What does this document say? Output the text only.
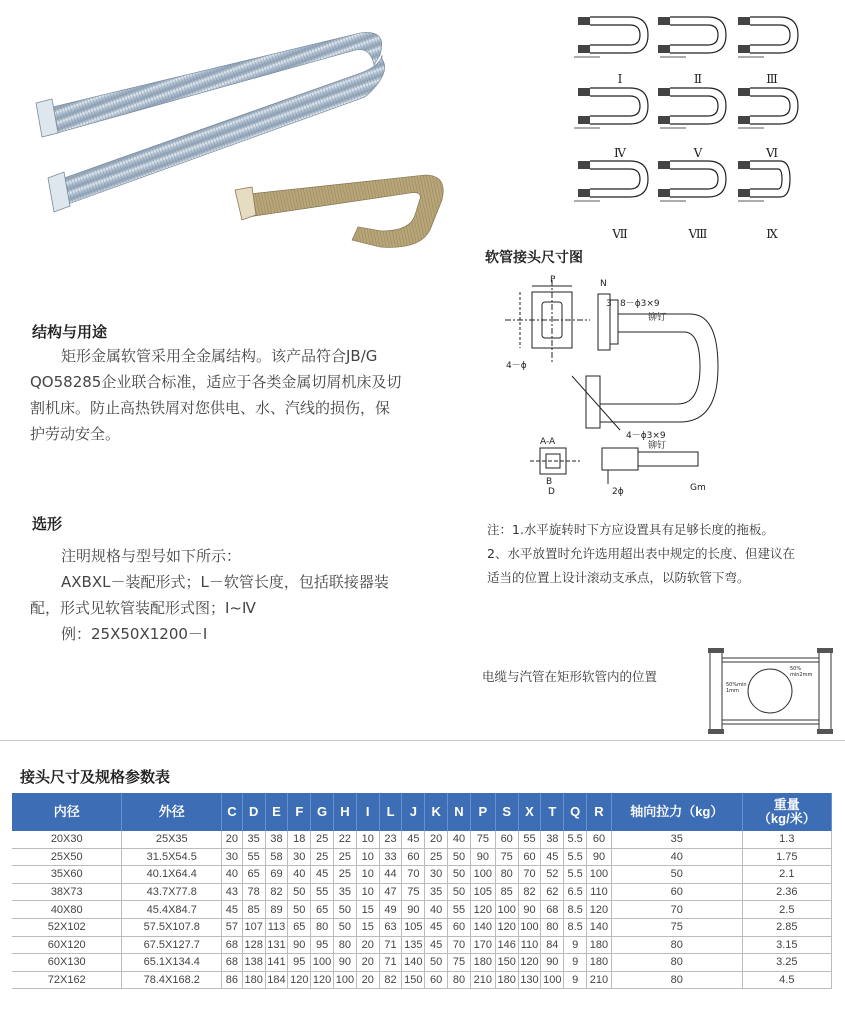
Ⅰ	Ⅱ	Ⅲ
Ⅳ	Ⅴ	Ⅵ
Ⅶ	Ⅷ	Ⅸ
软管接头尺寸图
P	N
3 8－ϕ3×9
铆钉
4－ϕ
4－ϕ3×9
A-A
B
D
铆钉
2ϕ	Gm
结构与用途
矩形金属软管采用全金属结构。该产品符合JB/G
QO58285企业联合标准，适应于各类金属切屑机床及切
割机床。防止高热铁屑对您供电、水、汽线的损伤，保
护劳动安全。
选形
注明规格与型号如下所示：
AXBXL－装配形式；L－软管长度，包括联接器装
配，形式见软管装配形式图；Ⅰ~Ⅳ
例：25X50X1200－Ⅰ
注：1.水平旋转时下方应设置具有足够长度的拖板。
2、水平放置时允许选用超出表中规定的长度、但建议在
适当的位置上设计滚动支承点，以防软管下弯。
电缆与汽管在矩形软管内的位置	50%
min2mm
50%min
1mm
接头尺寸及规格参数表
内径	外径	C	D	E	F	G	H	I	L	J	K	N	P	S	X	T	Q	R	轴向拉力（kg）	重量
（kg/米）
20X30	25X35	20	35	38	18	25	22	10	23	45	20	40	75	60	55	38	5.5	60	35	1.3
25X50	31.5X54.5	30	55	58	30	25	25	10	33	60	25	50	90	75	60	45	5.5	90	40	1.75
35X60	40.1X64.4	40	65	69	40	45	25	10	44	70	30	50	100	80	70	52	5.5	100	50	2.1
38X73	43.7X77.8	43	78	82	50	55	35	10	47	75	35	50	105	85	82	62	6.5	110	60	2.36
40X80	45.4X84.7	45	85	89	50	65	50	15	49	90	40	55	120	100	90	68	8.5	120	70	2.5
52X102	57.5X107.8	57	107	113	65	80	50	15	63	105	45	60	140	120	100	80	8.5	140	75	2.85
60X120	67.5X127.7	68	128	131	90	95	80	20	71	135	45	70	170	146	110	84	9	180	80	3.15
60X130	65.1X134.4	68	138	141	95	100	90	20	71	140	50	75	180	150	120	90	9	180	80	3.25
72X162	78.4X168.2	86	180	184	120	120	100	20	82	150	60	80	210	180	130	100	9	210	80	4.5
